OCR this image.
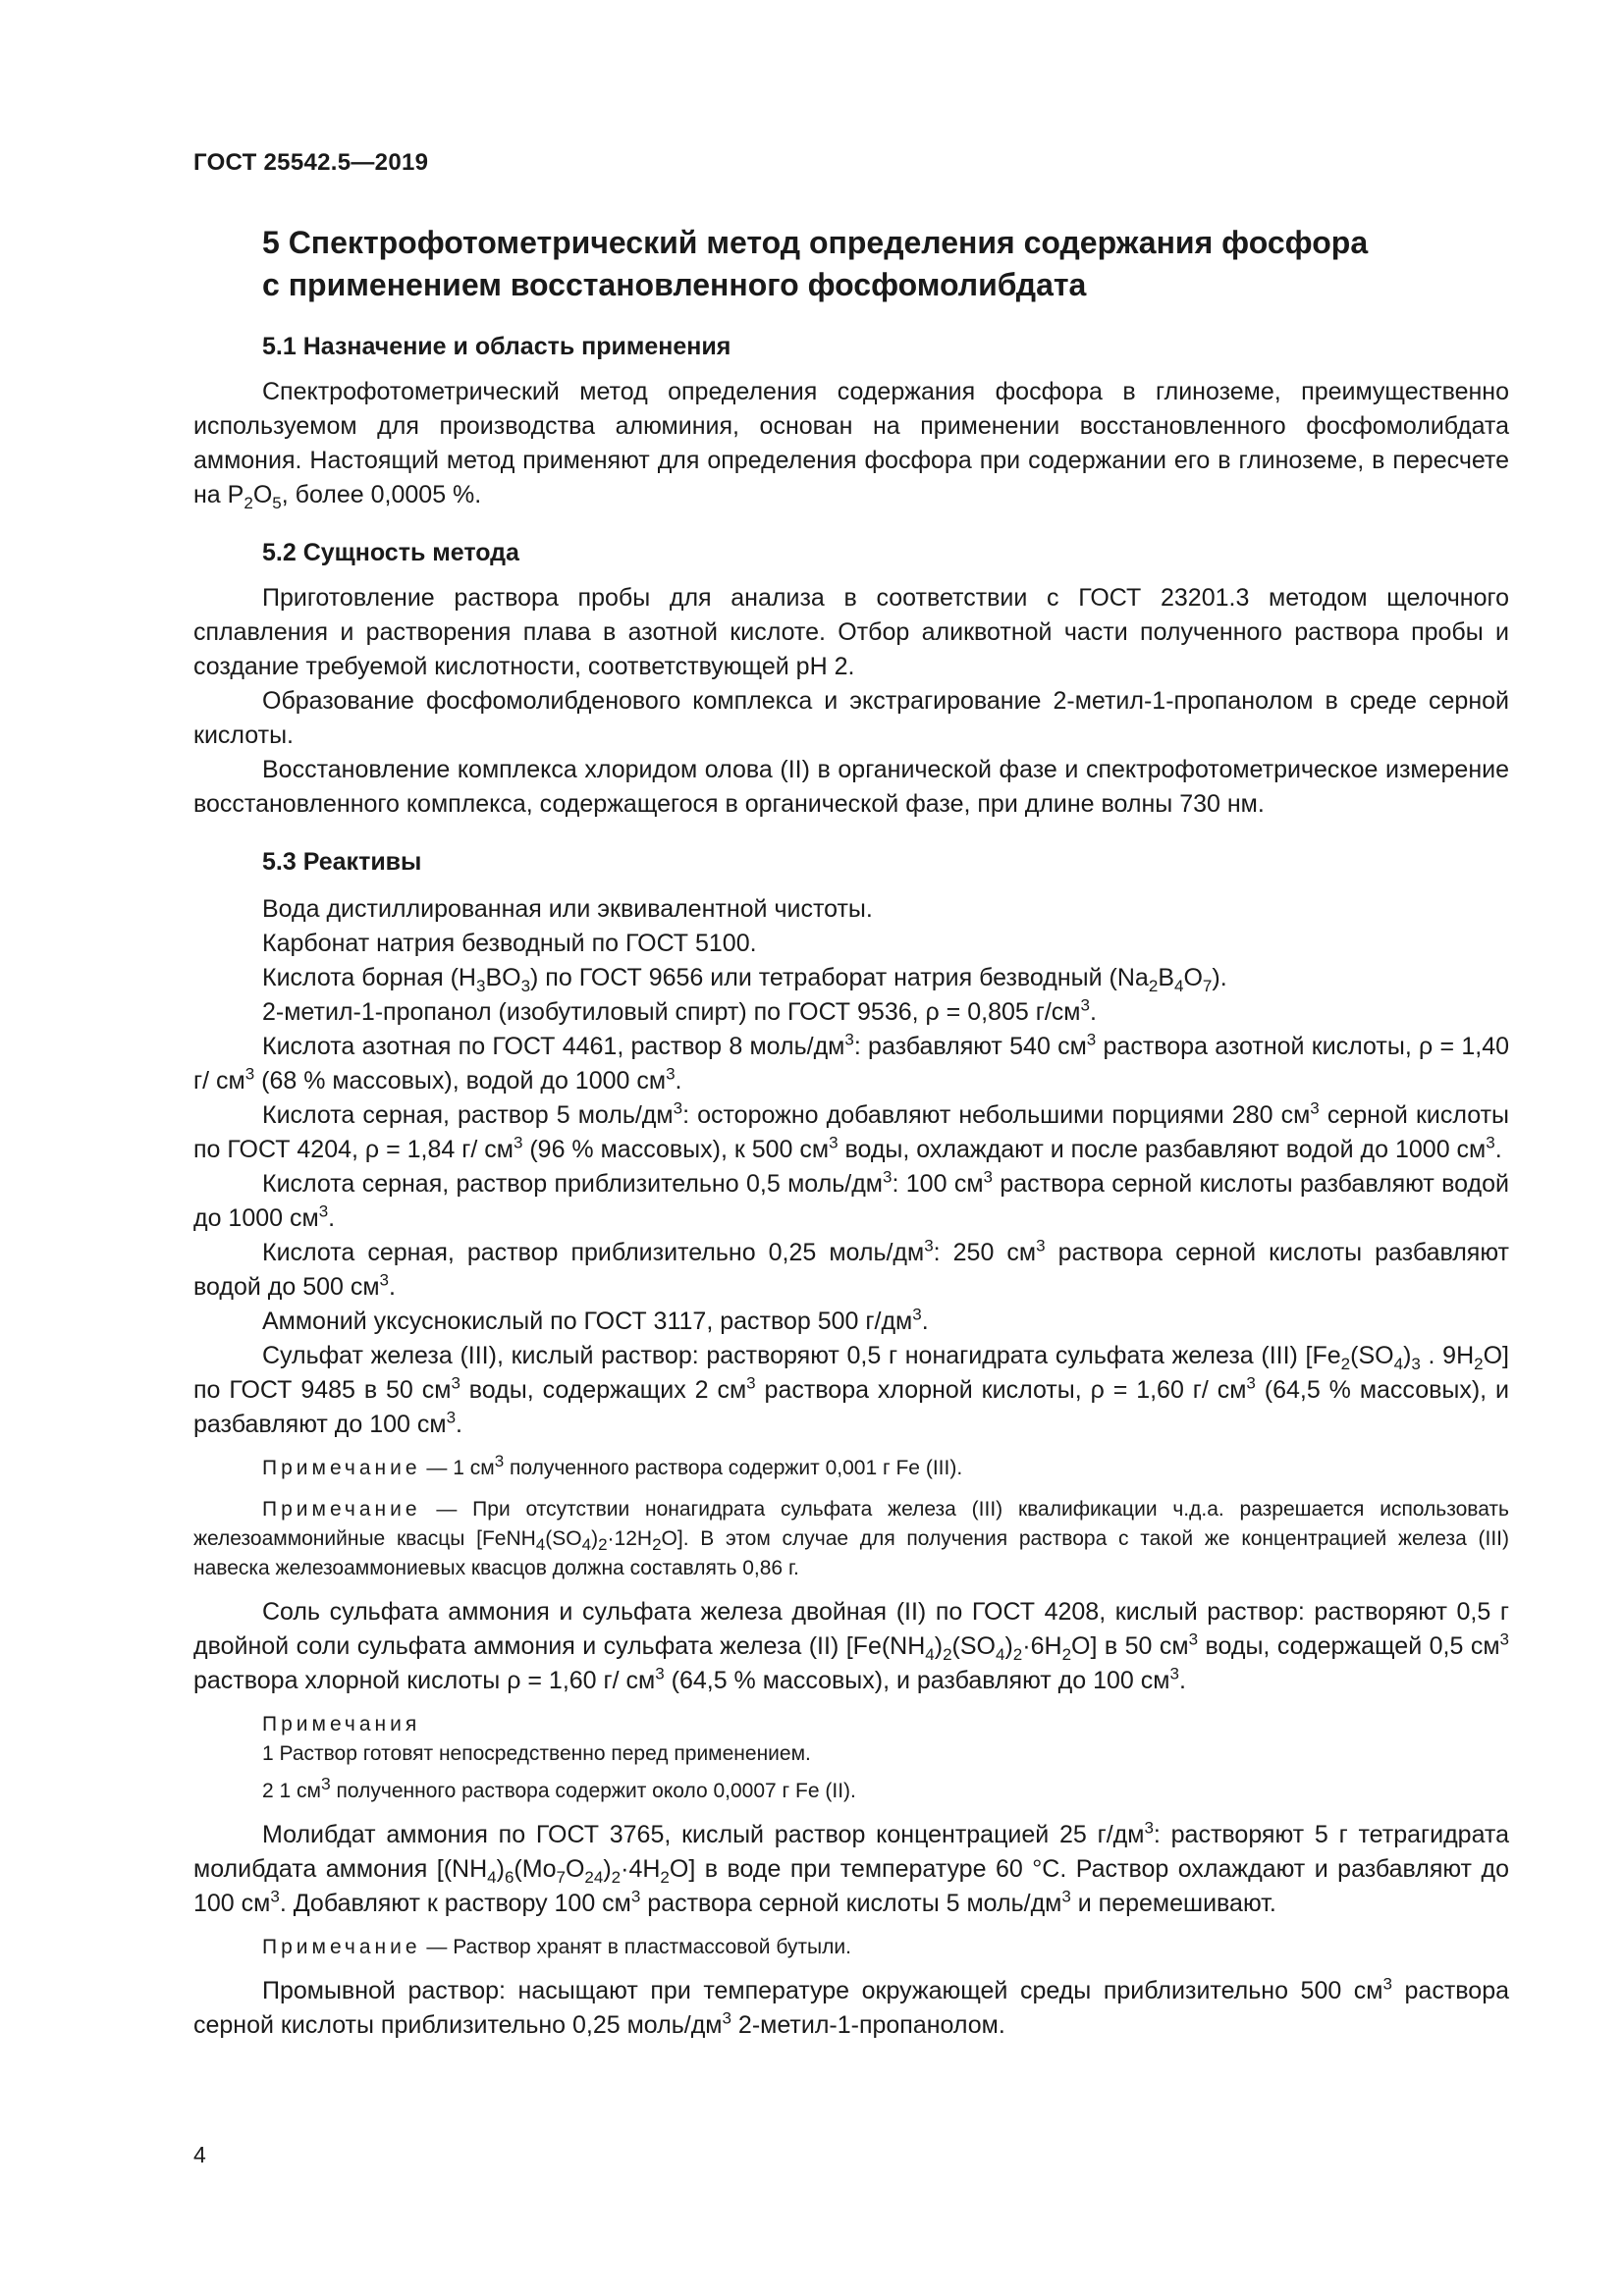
ГОСТ 25542.5—2019
5 Спектрофотометрический метод определения содержания фосфора
с применением восстановленного фосфомолибдата
5.1 Назначение и область применения

Спектрофотометрический метод определения содержания фосфора в глиноземе, преимущественно используемом для производства алюминия, основан на применении восстановленного фосфомолибдата аммония. Настоящий метод применяют для определения фосфора при содержании его в глиноземе, в пересчете на $P_2O_5$, более 0,0005 %.

5.2 Сущность метода

Приготовление раствора пробы для анализа в соответствии с ГОСТ 23201.3 методом щелочного сплавления и растворения плава в азотной кислоте. Отбор аликвотной части полученного раствора пробы и создание требуемой кислотности, соответствующей pH 2.

Образование фосфомолибденового комплекса и экстрагирование 2-метил-1-пропанолом в среде серной кислоты.

Восстановление комплекса хлоридом олова (II) в органической фазе и спектрофотометрическое измерение восстановленного комплекса, содержащегося в органической фазе, при длине волны 730 нм.

5.3 Реактивы
Вода дистиллированная или эквивалентной чистоты.
Карбонат натрия безводный по ГОСТ 5100.
Кислота борная $(H_3BO_3)$ по ГОСТ 9656 или тетраборат натрия безводный $(Na_2B_4O_7)$.
2-метил-1-пропанол (изобутиловый спирт) по ГОСТ 9536, ρ = 0,805 $г/см^3$.

Кислота азотная по ГОСТ 4461, раствор 8 моль/$дм^3$: разбавляют 540 $см^3$ раствора азотной кислоты, ρ = 1,40 г/ $см^3$ (68 % массовых), водой до 1000 $см^3$.

Кислота серная, раствор 5 моль/$дм^3$: осторожно добавляют небольшими порциями 280 $см^3$ серной кислоты по ГОСТ 4204, ρ = 1,84 г/ $см^3$ (96 % массовых), к 500 $см^3$ воды, охлаждают и после разбавляют водой до 1000 $см^3$.

Кислота серная, раствор приблизительно 0,5 моль/$дм^3$: 100 $см^3$ раствора серной кислоты разбавляют водой до 1000 $см^3$.

Кислота серная, раствор приблизительно 0,25 моль/$дм^3$: 250 $см^3$ раствора серной кислоты разбавляют водой до 500 $см^3$.

Аммоний уксуснокислый по ГОСТ 3117, раствор 500 $г/дм^3$.

Сульфат железа (III), кислый раствор: растворяют 0,5 г нонагидрата сульфата железа (III) [$Fe_2(SO_4)_3$ . $9H_2O$] по ГОСТ 9485 в 50 $см^3$ воды, содержащих 2 $см^3$ раствора хлорной кислоты, ρ = 1,60 г/ $см^3$ (64,5 % массовых), и разбавляют до 100 $см^3$.

Примечание — 1 $см^3$ полученного раствора содержит 0,001 г Fe (III).

Примечание — При отсутствии нонагидрата сульфата железа (III) квалификации ч.д.а. разрешается использовать железоаммонийные квасцы $[FeNH_4(SO_4)_2\cdot 12H_2O]$. В этом случае для получения раствора с такой же концентрацией железа (III) навеска железоаммониевых квасцов должна составлять 0,86 г.

Соль сульфата аммония и сульфата железа двойная (II) по ГОСТ 4208, кислый раствор: растворяют 0,5 г двойной соли сульфата аммония и сульфата железа (II) $[Fe(NH_4)_2(SO_4)_2\cdot 6H_2O]$ в 50 $см^3$ воды, содержащей 0,5 $см^3$ раствора хлорной кислоты ρ = 1,60 г/ $см^3$ (64,5 % массовых), и разбавляют до 100 $см^3$.

Примечания
1 Раствор готовят непосредственно перед применением.
2 1 $см^3$ полученного раствора содержит около 0,0007 г Fe (II).

Молибдат аммония по ГОСТ 3765, кислый раствор концентрацией 25 $г/дм^3$: растворяют 5 г тетрагидрата молибдата аммония $[(NH_4)_6(Mo_7O_{24})_2\cdot 4H_2O]$ в воде при температуре 60 °С. Раствор охлаждают и разбавляют до 100 $см^3$. Добавляют к раствору 100 $см^3$ раствора серной кислоты 5 моль/$дм^3$ и перемешивают.

Примечание — Раствор хранят в пластмассовой бутыли.

Промывной раствор: насыщают при температуре окружающей среды приблизительно 500 $см^3$ раствора серной кислоты приблизительно 0,25 моль/$дм^3$ 2-метил-1-пропанолом.

4
